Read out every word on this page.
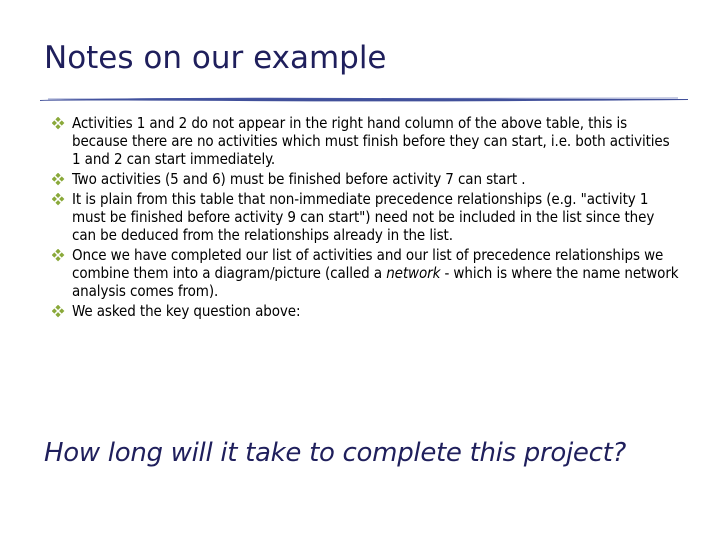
Notes on our example
Activities 1 and 2 do not appear in the right hand column of the above table, this is because there are no activities which must finish before they can start, i.e. both activities 1 and 2 can start immediately.
Two activities (5 and 6) must be finished before activity 7 can start .
It is plain from this table that non-immediate precedence relationships (e.g. "activity 1 must be finished before activity 9 can start") need not be included in the list since they can be deduced from the relationships already in the list.
Once we have completed our list of activities and our list of precedence relationships we combine them into a diagram/picture (called a network - which is where the name network analysis comes from).
We asked the key question above:
How long will it take to complete this project?
